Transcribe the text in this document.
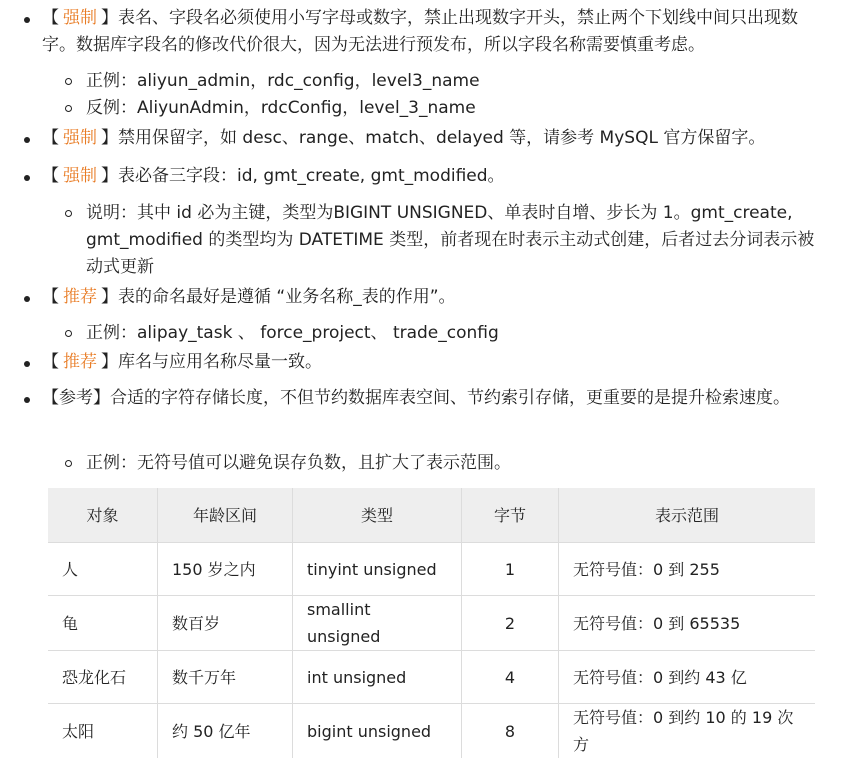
【 强制 】表名、字段名必须使用小写字母或数字，禁止出现数字开头，禁止两个下划线中间只出现数字。数据库字段名的修改代价很大，因为无法进行预发布，所以字段名称需要慎重考虑。
正例：aliyun_admin，rdc_config，level3_name
反例：AliyunAdmin，rdcConfig，level_3_name
【 强制 】禁用保留字，如 desc、range、match、delayed 等，请参考 MySQL 官方保留字。
【 强制 】表必备三字段：id, gmt_create, gmt_modified。
说明：其中 id 必为主键，类型为BIGINT UNSIGNED、单表时自增、步长为 1。gmt_create, gmt_modified 的类型均为 DATETIME 类型，前者现在时表示主动式创建，后者过去分词表示被动式更新
【 推荐 】表的命名最好是遵循 “业务名称_表的作用”。
正例：alipay_task 、 force_project、 trade_config
【 推荐 】库名与应用名称尽量一致。
【参考】合适的字符存储长度，不但节约数据库表空间、节约索引存储，更重要的是提升检索速度。
正例：无符号值可以避免误存负数，且扩大了表示范围。
对象	年龄区间	类型	字节	表示范围
人	150 岁之内	tinyint unsigned	1	无符号值：0 到 255
龟	数百岁	smallint unsigned	2	无符号值：0 到 65535
恐龙化石	数千万年	int unsigned	4	无符号值：0 到约 43 亿
太阳	约 50 亿年	bigint unsigned	8	无符号值：0 到约 10 的 19 次方
